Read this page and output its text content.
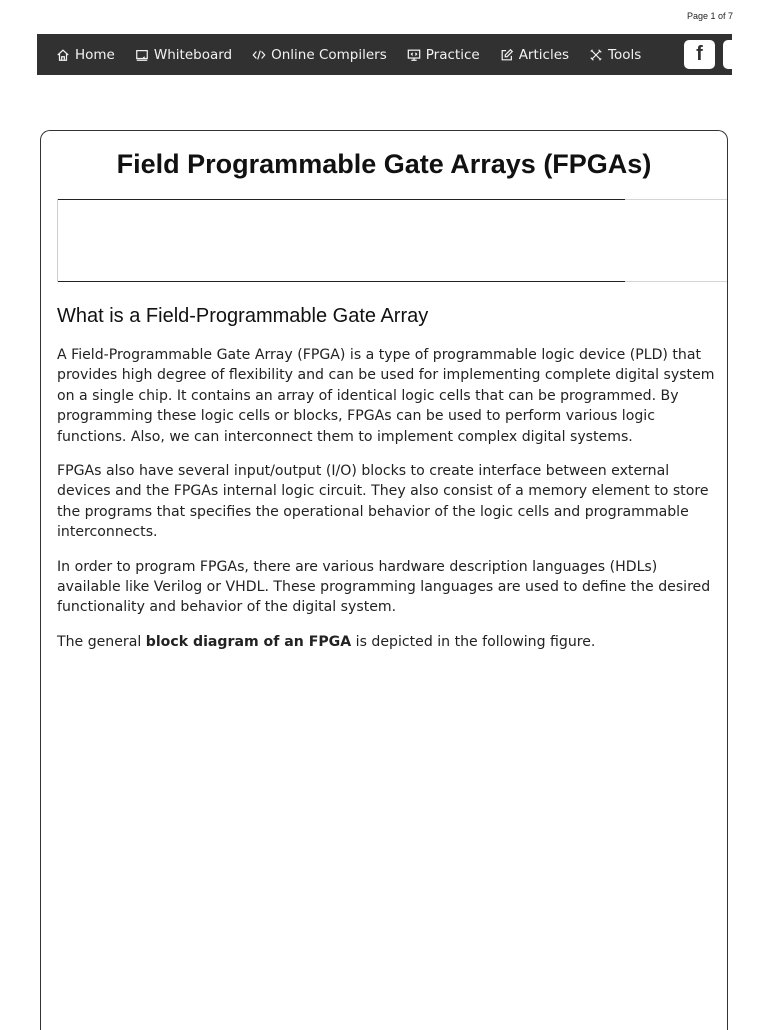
Page 1 of 7
Home	Whiteboard	Online Compilers	Practice	Articles	Tools	f
Field Programmable Gate Arrays (FPGAs)
What is a Field-Programmable Gate Array

A Field-Programmable Gate Array (FPGA) is a type of programmable logic device (PLD) that provides high degree of flexibility and can be used for implementing complete digital system on a single chip. It contains an array of identical logic cells that can be programmed. By programming these logic cells or blocks, FPGAs can be used to perform various logic functions. Also, we can interconnect them to implement complex digital systems.

FPGAs also have several input/output (I/O) blocks to create interface between external devices and the FPGAs internal logic circuit. They also consist of a memory element to store the programs that specifies the operational behavior of the logic cells and programmable interconnects.

In order to program FPGAs, there are various hardware description languages (HDLs) available like Verilog or VHDL. These programming languages are used to define the desired functionality and behavior of the digital system.

The general block diagram of an FPGA is depicted in the following figure.
